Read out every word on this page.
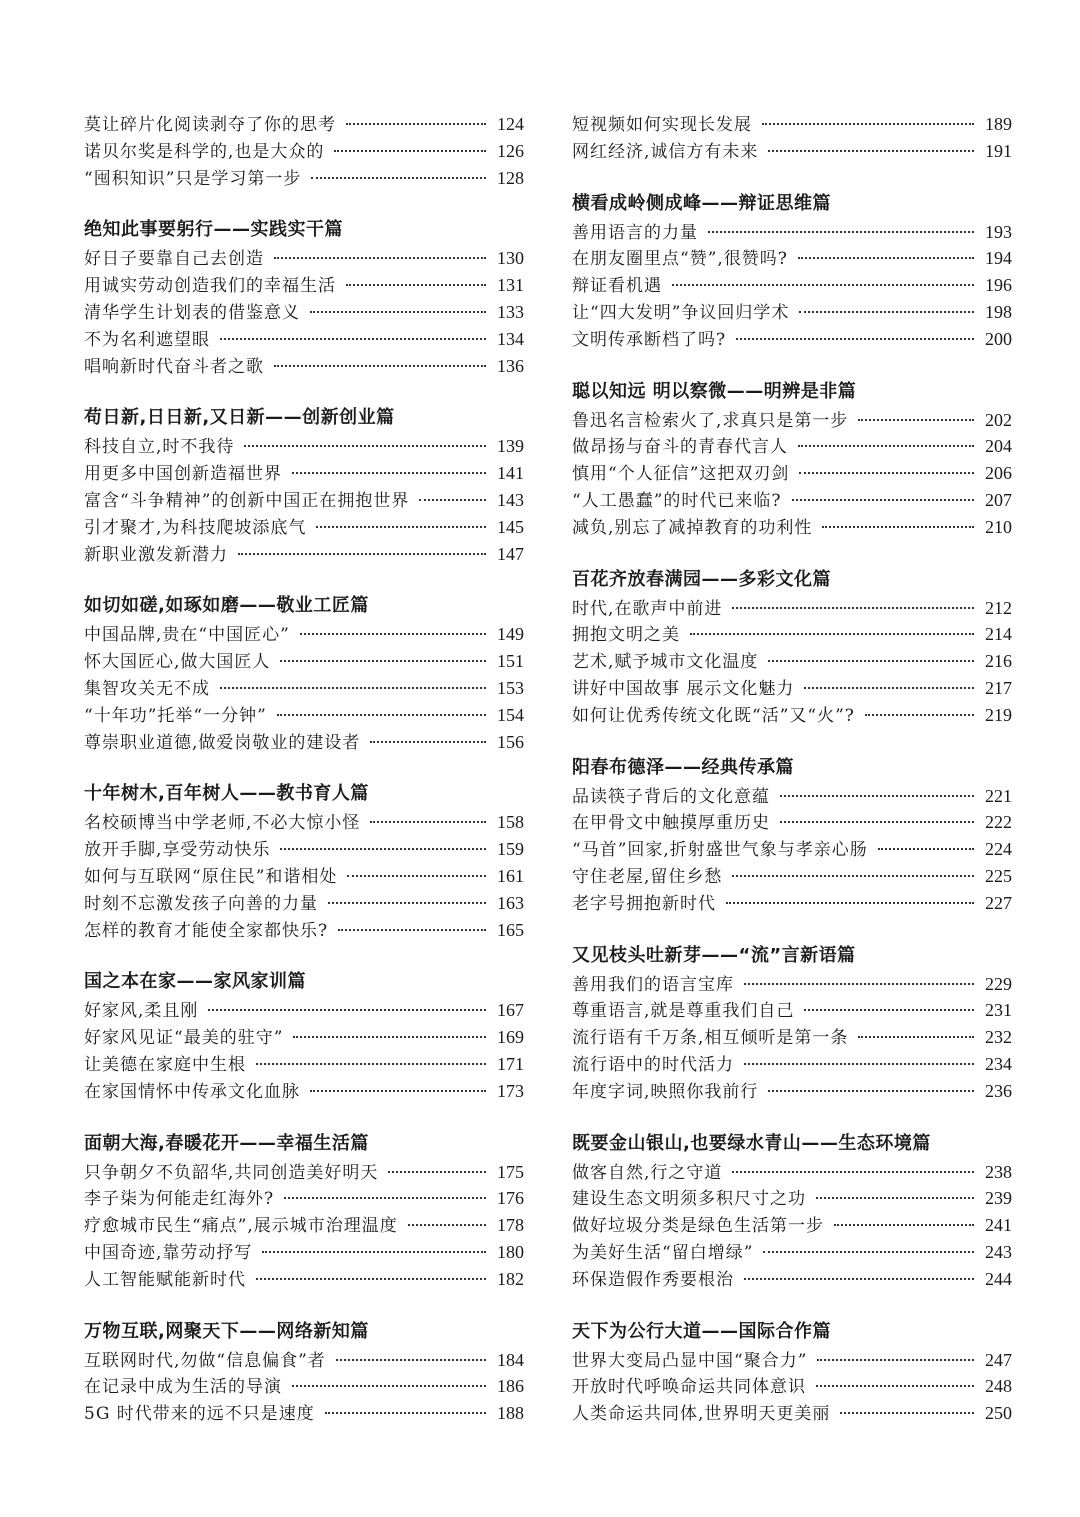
莫让碎片化阅读剥夺了你的思考	124
诺贝尔奖是科学的,也是大众的	126
“囤积知识”只是学习第一步	128
绝知此事要躬行——实践实干篇
好日子要靠自己去创造	130
用诚实劳动创造我们的幸福生活	131
清华学生计划表的借鉴意义	133
不为名利遮望眼	134
唱响新时代奋斗者之歌	136
苟日新,日日新,又日新——创新创业篇
科技自立,时不我待	139
用更多中国创新造福世界	141
富含“斗争精神”的创新中国正在拥抱世界	143
引才聚才,为科技爬坡添底气	145
新职业激发新潜力	147
如切如磋,如琢如磨——敬业工匠篇
中国品牌,贵在“中国匠心”	149
怀大国匠心,做大国匠人	151
集智攻关无不成	153
“十年功”托举“一分钟”	154
尊崇职业道德,做爱岗敬业的建设者	156
十年树木,百年树人——教书育人篇
名校硕博当中学老师,不必大惊小怪	158
放开手脚,享受劳动快乐	159
如何与互联网“原住民”和谐相处	161
时刻不忘激发孩子向善的力量	163
怎样的教育才能使全家都快乐?	165
国之本在家——家风家训篇
好家风,柔且刚	167
好家风见证“最美的驻守”	169
让美德在家庭中生根	171
在家国情怀中传承文化血脉	173
面朝大海,春暖花开——幸福生活篇
只争朝夕不负韶华,共同创造美好明天	175
李子柒为何能走红海外?	176
疗愈城市民生“痛点”,展示城市治理温度	178
中国奇迹,靠劳动抒写	180
人工智能赋能新时代	182
万物互联,网聚天下——网络新知篇
互联网时代,勿做“信息偏食”者	184
在记录中成为生活的导演	186
5G 时代带来的远不只是速度	188
短视频如何实现长发展	189
网红经济,诚信方有未来	191
横看成岭侧成峰——辩证思维篇
善用语言的力量	193
在朋友圈里点“赞”,很赞吗?	194
辩证看机遇	196
让“四大发明”争议回归学术	198
文明传承断档了吗?	200
聪以知远 明以察微——明辨是非篇
鲁迅名言检索火了,求真只是第一步	202
做昂扬与奋斗的青春代言人	204
慎用“个人征信”这把双刃剑	206
“人工愚蠢”的时代已来临?	207
减负,别忘了减掉教育的功利性	210
百花齐放春满园——多彩文化篇
时代,在歌声中前进	212
拥抱文明之美	214
艺术,赋予城市文化温度	216
讲好中国故事 展示文化魅力	217
如何让优秀传统文化既“活”又“火”?	219
阳春布德泽——经典传承篇
品读筷子背后的文化意蕴	221
在甲骨文中触摸厚重历史	222
“马首”回家,折射盛世气象与孝亲心肠	224
守住老屋,留住乡愁	225
老字号拥抱新时代	227
又见枝头吐新芽——“流”言新语篇
善用我们的语言宝库	229
尊重语言,就是尊重我们自己	231
流行语有千万条,相互倾听是第一条	232
流行语中的时代活力	234
年度字词,映照你我前行	236
既要金山银山,也要绿水青山——生态环境篇
做客自然,行之守道	238
建设生态文明须多积尺寸之功	239
做好垃圾分类是绿色生活第一步	241
为美好生活“留白增绿”	243
环保造假作秀要根治	244
天下为公行大道——国际合作篇
世界大变局凸显中国“聚合力”	247
开放时代呼唤命运共同体意识	248
人类命运共同体,世界明天更美丽	250
